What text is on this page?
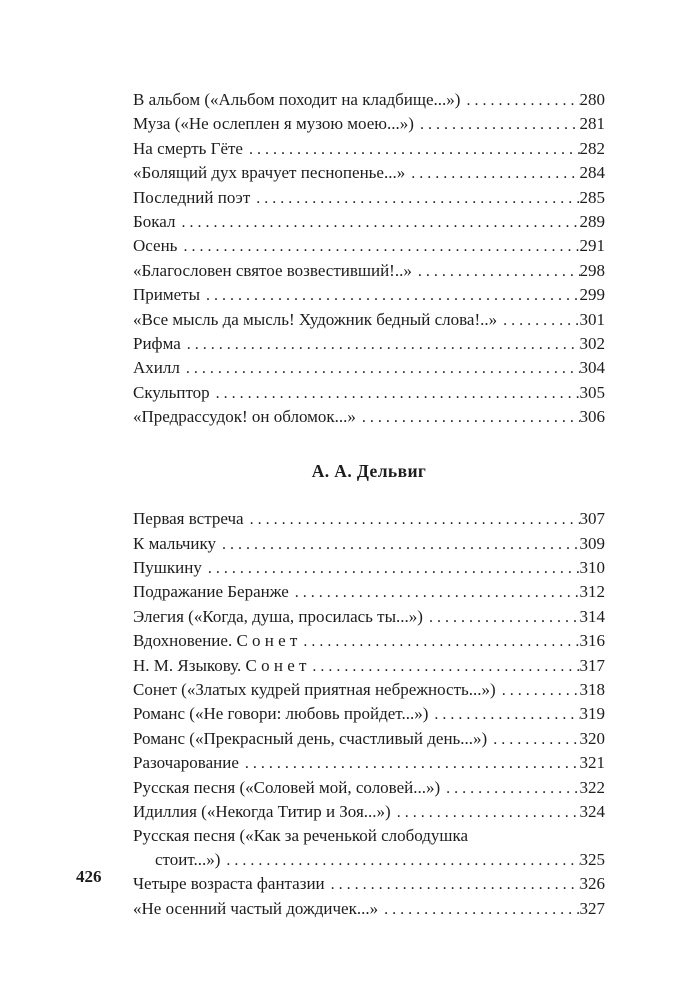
426
В альбом («Альбом походит на кладбище...») .....	280
Муза («Не ослеплен я музою моею...») .....	281
На смерть Гёте .....	282
«Болящий дух врачует песнопенье...» .....	284
Последний поэт .....	285
Бокал .....	289
Осень .....	291
«Благословен святое возвестивший!..» .....	298
Приметы .....	299
«Все мысль да мысль! Художник бедный слова!..» .....	301
Рифма .....	302
Ахилл .....	304
Скульптор .....	305
«Предрассудок! он обломок...» .....	306
А. А. Дельвиг
Первая встреча .....	307
К мальчику .....	309
Пушкину .....	310
Подражание Беранже .....	312
Элегия («Когда, душа, просилась ты...») .....	314
Вдохновение. С о н е т .....	316
Н. М. Языкову. С о н е т .....	317
Сонет («Златых кудрей приятная небрежность...») .....	318
Романс («Не говори: любовь пройдет...») .....	319
Романс («Прекрасный день, счастливый день...») .....	320
Разочарование .....	321
Русская песня («Соловей мой, соловей...») .....	322
Идиллия («Некогда Титир и Зоя...») .....	324
Русская песня («Как за реченькой слободушка
стоит...») .....	325
Четыре возраста фантазии .....	326
«Не осенний частый дождичек...» .....	327
